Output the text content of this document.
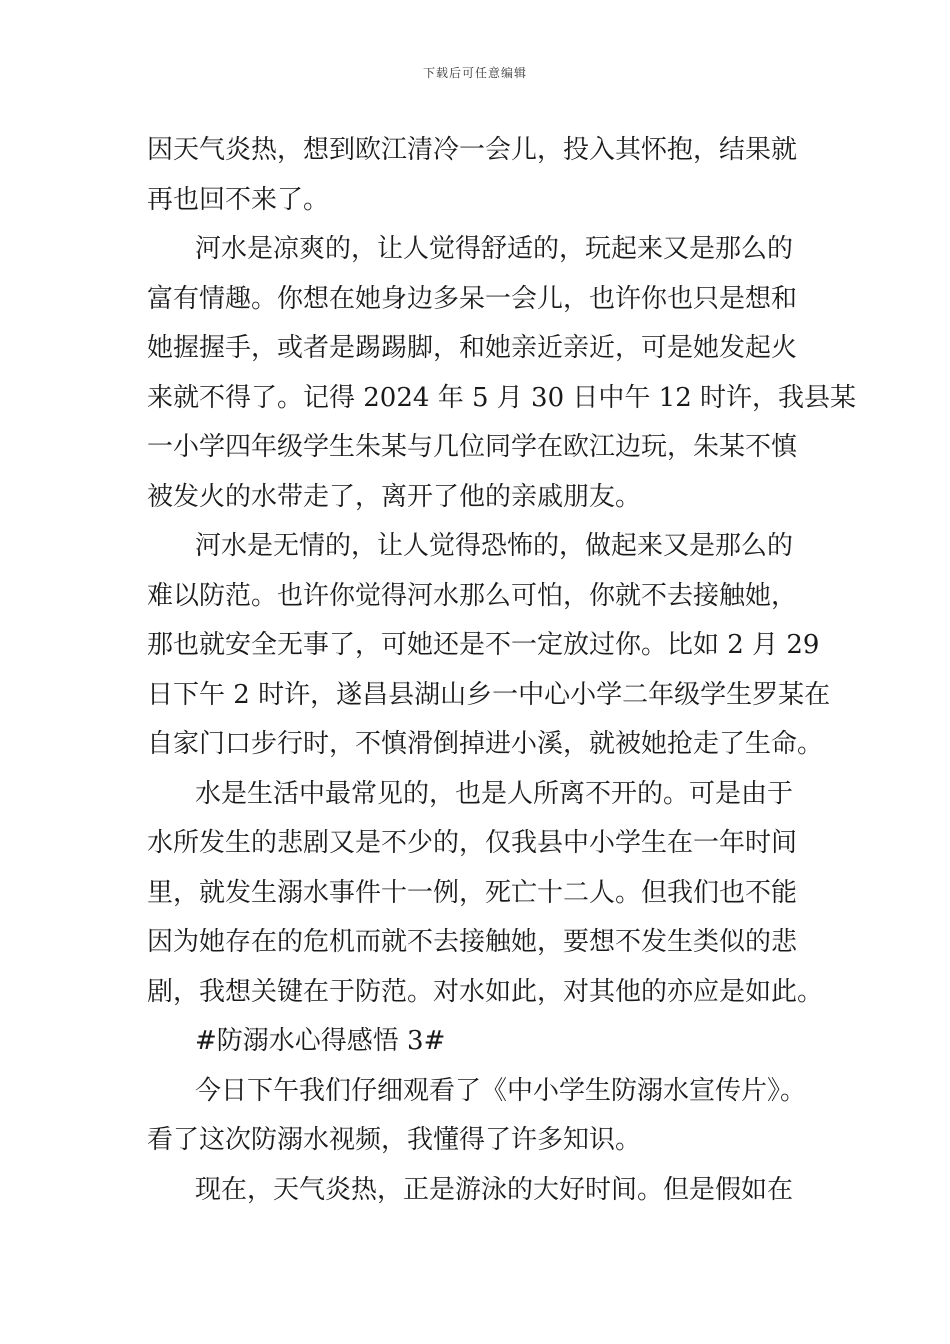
下载后可任意编辑
因天气炎热，想到欧江清冷一会儿，投入其怀抱，结果就
再也回不来了。
河水是凉爽的，让人觉得舒适的，玩起来又是那么的
富有情趣。你想在她身边多呆一会儿，也许你也只是想和
她握握手，或者是踢踢脚，和她亲近亲近，可是她发起火
来就不得了。记得 2024 年 5 月 30 日中午 12 时许，我县某
一小学四年级学生朱某与几位同学在欧江边玩，朱某不慎
被发火的水带走了，离开了他的亲戚朋友。
河水是无情的，让人觉得恐怖的，做起来又是那么的
难以防范。也许你觉得河水那么可怕，你就不去接触她，
那也就安全无事了，可她还是不一定放过你。比如 2 月 29
日下午 2 时许，遂昌县湖山乡一中心小学二年级学生罗某在
自家门口步行时，不慎滑倒掉进小溪，就被她抢走了生命。
水是生活中最常见的，也是人所离不开的。可是由于
水所发生的悲剧又是不少的，仅我县中小学生在一年时间
里，就发生溺水事件十一例，死亡十二人。但我们也不能
因为她存在的危机而就不去接触她，要想不发生类似的悲
剧，我想关键在于防范。对水如此，对其他的亦应是如此。
#防溺水心得感悟 3#
今日下午我们仔细观看了《中小学生防溺水宣传片》。
看了这次防溺水视频，我懂得了许多知识。
现在，天气炎热，正是游泳的大好时间。但是假如在
